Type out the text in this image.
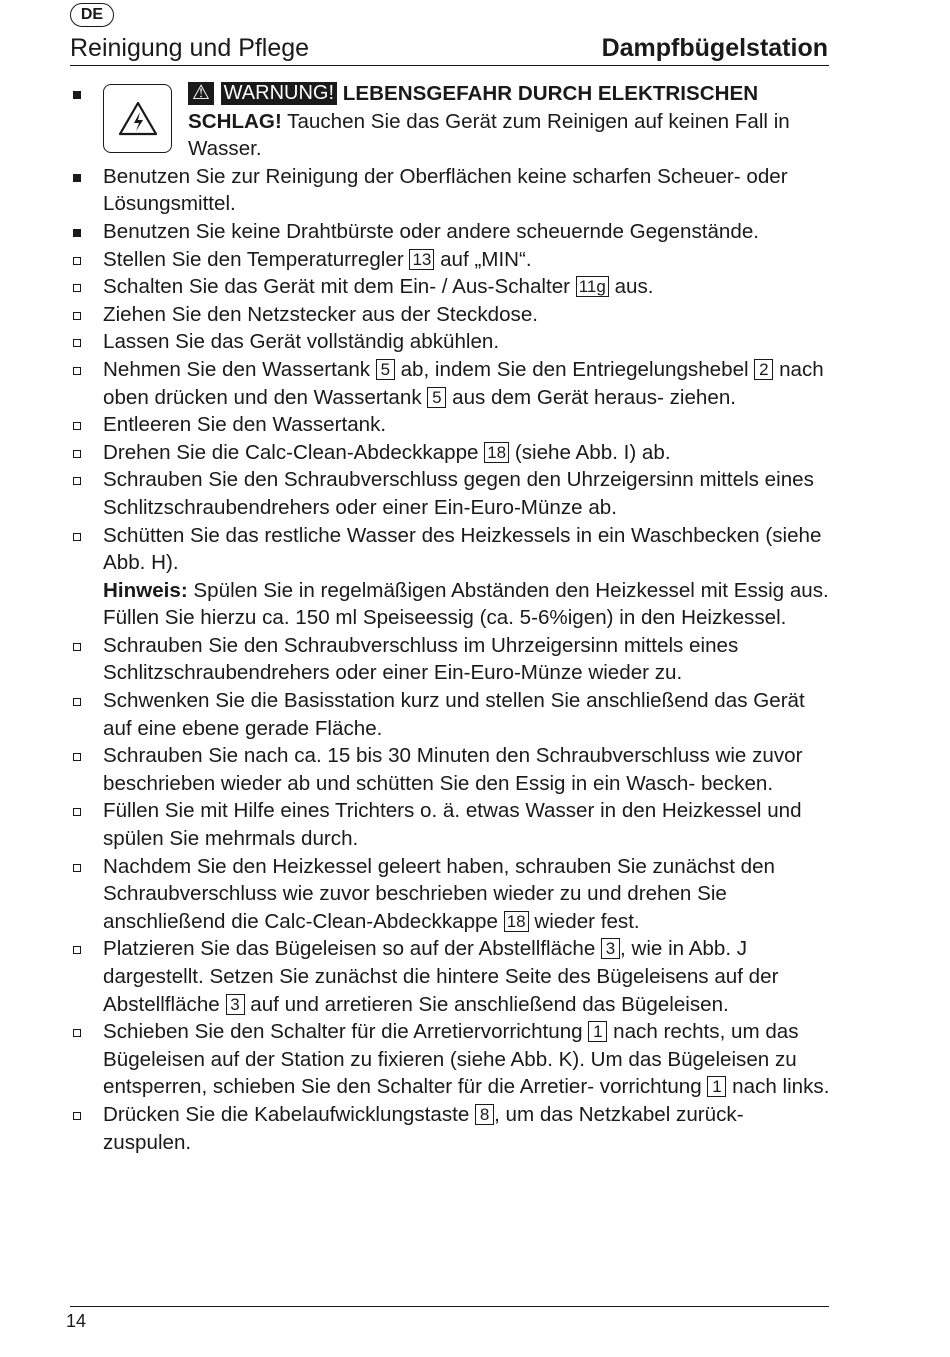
DE
Reinigung und Pflege	Dampfbügelstation
⚠ WARNUNG! LEBENSGEFAHR DURCH ELEKTRISCHEN SCHLAG! Tauchen Sie das Gerät zum Reinigen auf keinen Fall in Wasser.
Benutzen Sie zur Reinigung der Oberflächen keine scharfen Scheuer- oder Lösungsmittel.
Benutzen Sie keine Drahtbürste oder andere scheuernde Gegenstände.
Stellen Sie den Temperaturregler 13 auf „MIN“.
Schalten Sie das Gerät mit dem Ein- / Aus-Schalter 11g aus.
Ziehen Sie den Netzstecker aus der Steckdose.
Lassen Sie das Gerät vollständig abkühlen.
Nehmen Sie den Wassertank 5 ab, indem Sie den Entriegelungshebel 2 nach oben drücken und den Wassertank 5 aus dem Gerät heraus- ziehen.
Entleeren Sie den Wassertank.
Drehen Sie die Calc-Clean-Abdeckkappe 18 (siehe Abb. I) ab.
Schrauben Sie den Schraubverschluss gegen den Uhrzeigersinn mittels eines Schlitzschraubendrehers oder einer Ein-Euro-Münze ab.
Schütten Sie das restliche Wasser des Heizkessels in ein Waschbecken (siehe Abb. H).
Hinweis: Spülen Sie in regelmäßigen Abständen den Heizkessel mit Essig aus. Füllen Sie hierzu ca. 150 ml Speiseessig (ca. 5-6%igen) in den Heizkessel.
Schrauben Sie den Schraubverschluss im Uhrzeigersinn mittels eines Schlitzschraubendrehers oder einer Ein-Euro-Münze wieder zu.
Schwenken Sie die Basisstation kurz und stellen Sie anschließend das Gerät auf eine ebene gerade Fläche.
Schrauben Sie nach ca. 15 bis 30 Minuten den Schraubverschluss wie zuvor beschrieben wieder ab und schütten Sie den Essig in ein Wasch- becken.
Füllen Sie mit Hilfe eines Trichters o. ä. etwas Wasser in den Heizkessel und spülen Sie mehrmals durch.
Nachdem Sie den Heizkessel geleert haben, schrauben Sie zunächst den Schraubverschluss wie zuvor beschrieben wieder zu und drehen Sie anschließend die Calc-Clean-Abdeckkappe 18 wieder fest.
Platzieren Sie das Bügeleisen so auf der Abstellfläche 3 , wie in Abb. J dargestellt. Setzen Sie zunächst die hintere Seite des Bügeleisens auf der Abstellfläche 3 auf und arretieren Sie anschließend das Bügeleisen.
Schieben Sie den Schalter für die Arretiervorrichtung 1 nach rechts, um das Bügeleisen auf der Station zu fixieren (siehe Abb. K). Um das Bügeleisen zu entsperren, schieben Sie den Schalter für die Arretier- vorrichtung 1 nach links.
Drücken Sie die Kabelaufwicklungstaste 8 , um das Netzkabel zurück- zuspulen.
14
